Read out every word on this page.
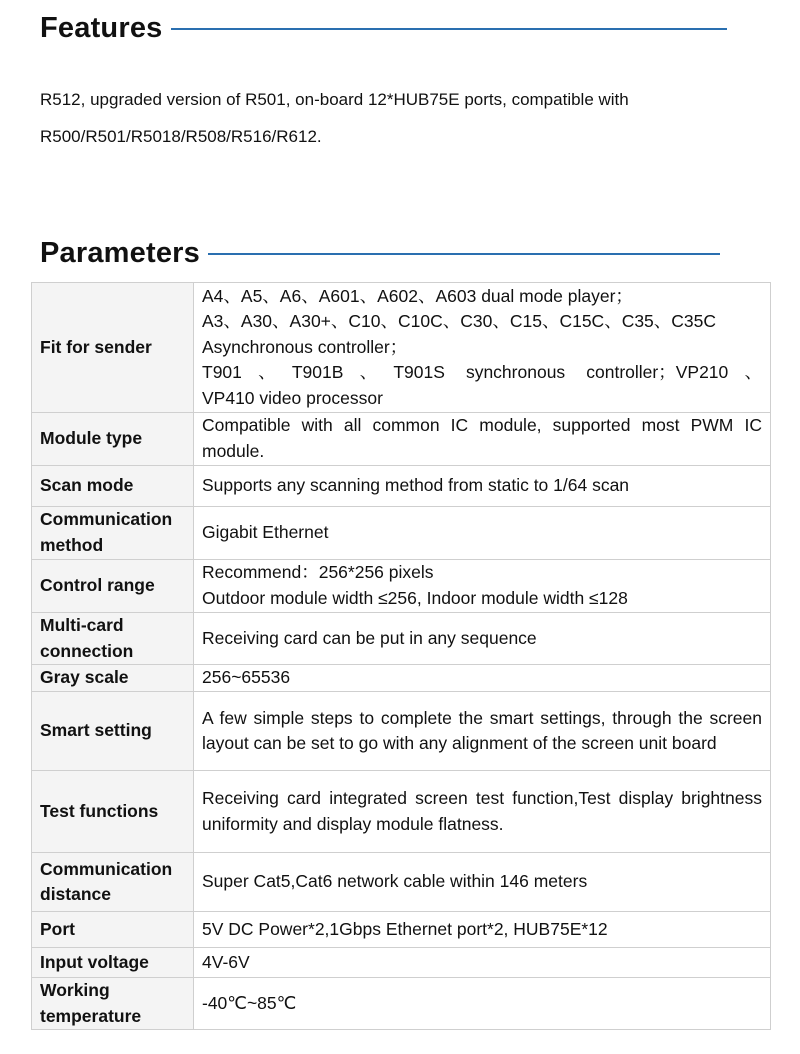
Features
R512, upgraded version of R501, on-board 12*HUB75E ports, compatible with
R500/R501/R5018/R508/R516/R612.
Parameters
Fit for sender	A4、A5、A6、A601、A602、A603 dual mode player；
A3、A30、A30+、C10、C10C、C30、C15、C15C、C35、C35C
Asynchronous controller；
T901、T901B、T901S synchronous controller；VP210、
VP410 video processor

Module type	Compatible with all common IC module, supported most PWM IC module.
Scan mode	Supports any scanning method from static to 1/64 scan
Communication method	Gigabit Ethernet
Control range	Recommend：256*256 pixels
Outdoor module width ≤256, Indoor module width ≤128

Multi-card connection	Receiving card can be put in any sequence
Gray scale	256~65536
Smart setting	A few simple steps to complete the smart settings, through the screen layout can be set to go with any alignment of the screen unit board
Test functions	Receiving card integrated screen test function,Test display brightness uniformity and display module flatness.
Communication distance	Super Cat5,Cat6 network cable within 146 meters
Port	5V DC Power*2,1Gbps Ethernet port*2, HUB75E*12
Input voltage	4V-6V
Working temperature	-40℃~85℃
